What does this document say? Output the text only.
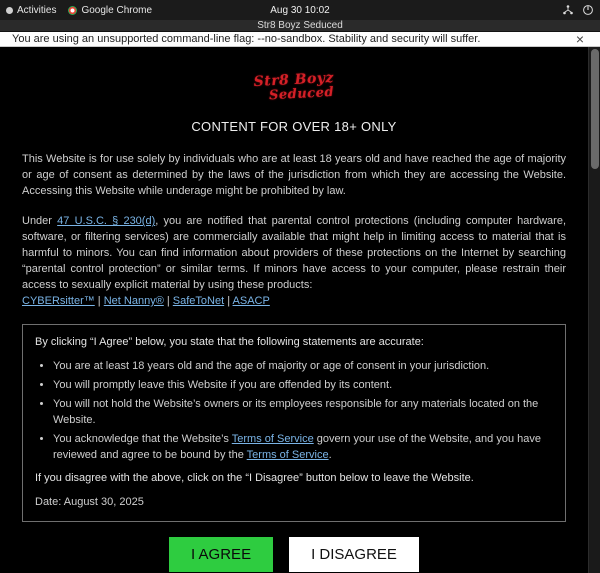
Activities	Google Chrome	Aug 30 10:02
Str8 Boyz Seduced
You are using an unsupported command-line flag: --no-sandbox. Stability and security will suffer.	×
Str8 Boyz
Seduced
CONTENT FOR OVER 18+ ONLY

This Website is for use solely by individuals who are at least 18 years old and have reached the age of majority or age of consent as determined by the laws of the jurisdiction from which they are accessing the Website. Accessing this Website while underage might be prohibited by law.

Under 47 U.S.C. § 230(d), you are notified that parental control protections (including computer hardware, software, or filtering services) are commercially available that might help in limiting access to material that is harmful to minors. You can find information about providers of these protections on the Internet by searching “parental control protection” or similar terms. If minors have access to your computer, please restrain their access to sexually explicit material by using these products:
CYBERsitter™ | Net Nanny® | SafeToNet | ASACP

By clicking “I Agree” below, you state that the following statements are accurate:

• You are at least 18 years old and the age of majority or age of consent in your jurisdiction.
• You will promptly leave this Website if you are offended by its content.
• You will not hold the Website’s owners or its employees responsible for any materials located on the Website.
• You acknowledge that the Website’s Terms of Service govern your use of the Website, and you have reviewed and agree to be bound by the Terms of Service.

If you disagree with the above, click on the “I Disagree” button below to leave the Website.

Date: August 30, 2025

I AGREE	I DISAGREE
